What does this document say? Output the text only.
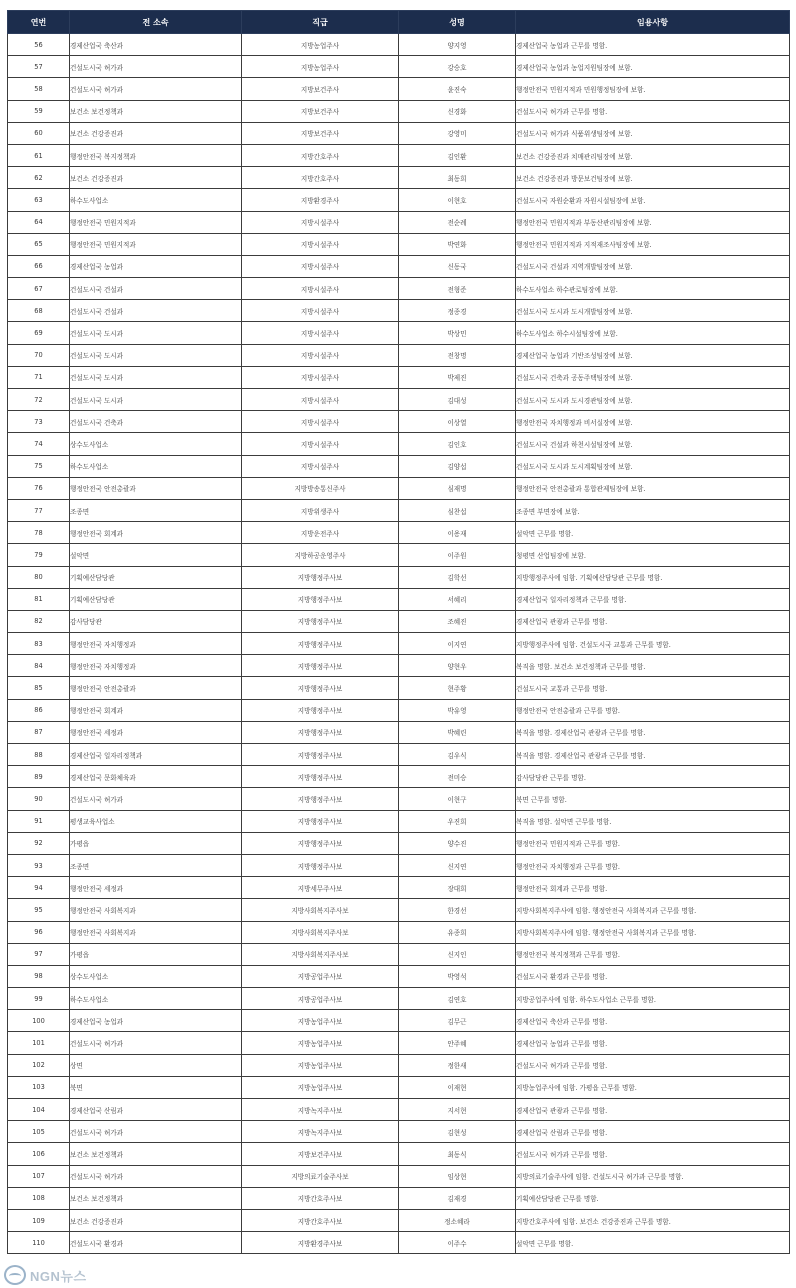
연번	전 소속	직급	성명	임용사항
56	경제산업국 축산과	지방농업주사	양지영	경제산업국 농업과 근무를 명함.
57	건설도시국 허가과	지방농업주사	강승호	경제산업국 농업과 농업지원팀장에 보함.
58	건설도시국 허가과	지방보건주사	윤진숙	행정안전국 민원지적과 민원행정팀장에 보함.
59	보건소 보건정책과	지방보건주사	신경화	건설도시국 허가과 근무를 명함.
60	보건소 건강증진과	지방보건주사	강영미	건설도시국 허가과 식품위생팀장에 보함.
61	행정안전국 복지정책과	지방간호주사	김인환	보건소 건강증진과 치매관리팀장에 보함.
62	보건소 건강증진과	지방간호주사	최동희	보건소 건강증진과 방문보건팀장에 보함.
63	하수도사업소	지방환경주사	이현호	건설도시국 자원순환과 자원시설팀장에 보함.
64	행정안전국 민원지적과	지방시설주사	전순례	행정안전국 민원지적과 부동산관리팀장에 보함.
65	행정안전국 민원지적과	지방시설주사	박연화	행정안전국 민원지적과 지적재조사팀장에 보함.
66	경제산업국 농업과	지방시설주사	신동국	건설도시국 건설과 지역개발팀장에 보함.
67	건설도시국 건설과	지방시설주사	전형준	하수도사업소 하수관로팀장에 보함.
68	건설도시국 건설과	지방시설주사	정종경	건설도시국 도시과 도시개발팀장에 보함.
69	건설도시국 도시과	지방시설주사	박상민	하수도사업소 하수시설팀장에 보함.
70	건설도시국 도시과	지방시설주사	전창명	경제산업국 농업과 기반조성팀장에 보함.
71	건설도시국 도시과	지방시설주사	박제진	건설도시국 건축과 공동주택팀장에 보함.
72	건설도시국 도시과	지방시설주사	김대성	건설도시국 도시과 도시경관팀장에 보함.
73	건설도시국 건축과	지방시설주사	이상열	행정안전국 자치행정과 비서실장에 보함.
74	상수도사업소	지방시설주사	김인호	건설도시국 건설과 하천시설팀장에 보함.
75	하수도사업소	지방시설주사	김양섭	건설도시국 도시과 도시계획팀장에 보함.
76	행정안전국 안전총괄과	지방방송통신주사	심재명	행정안전국 안전총괄과 통합관제팀장에 보함.
77	조종면	지방위생주사	심찬섭	조종면 부면장에 보함.
78	행정안전국 회계과	지방운전주사	이용재	설악면 근무를 명함.
79	설악면	지방하공운영주사	이주원	청평면 산업팀장에 보함.
80	기획예산담당관	지방행정주사보	김학선	지방행정주사에 임함. 기획예산담당관 근무를 명함.
81	기획예산담당관	지방행정주사보	서혜리	경제산업국 일자리정책과 근무를 명함.
82	감사담당관	지방행정주사보	조혜진	경제산업국 관광과 근무를 명함.
83	행정안전국 자치행정과	지방행정주사보	이지연	지방행정주사에 임함. 건설도시국 교통과 근무를 명함.
84	행정안전국 자치행정과	지방행정주사보	양현우	복직을 명함. 보건소 보건정책과 근무를 명함.
85	행정안전국 안전총괄과	지방행정주사보	현주황	건설도시국 교통과 근무를 명함.
86	행정안전국 회계과	지방행정주사보	박유영	행정안전국 안전총괄과 근무를 명함.
87	행정안전국 세정과	지방행정주사보	박혜린	복직을 명함. 경제산업국 관광과 근무를 명함.
88	경제산업국 일자리정책과	지방행정주사보	김우식	복직을 명함. 경제산업국 관광과 근무를 명함.
89	경제산업국 문화체육과	지방행정주사보	전미승	감사담당관 근무를 명함.
90	건설도시국 허가과	지방행정주사보	이현구	북면 근무를 명함.
91	평생교육사업소	지방행정주사보	우진희	복직을 명함. 설악면 근무를 명함.
92	가평읍	지방행정주사보	양수진	행정안전국 민원지적과 근무를 명함.
93	조종면	지방행정주사보	신지연	행정안전국 자치행정과 근무를 명함.
94	행정안전국 세정과	지방세무주사보	장대희	행정안전국 회계과 근무를 명함.
95	행정안전국 사회복지과	지방사회복지주사보	한경선	지방사회복지주사에 임함. 행정안전국 사회복지과 근무를 명함.
96	행정안전국 사회복지과	지방사회복지주사보	유종희	지방사회복지주사에 임함. 행정안전국 사회복지과 근무를 명함.
97	가평읍	지방사회복지주사보	신지인	행정안전국 복지정책과 근무를 명함.
98	상수도사업소	지방공업주사보	박영석	건설도시국 환경과 근무를 명함.
99	하수도사업소	지방공업주사보	김연호	지방공업주사에 임함. 하수도사업소 근무를 명함.
100	경제산업국 농업과	지방농업주사보	김무근	경제산업국 축산과 근무를 명함.
101	건설도시국 허가과	지방농업주사보	안주혜	경제산업국 농업과 근무를 명함.
102	상면	지방농업주사보	정한새	건설도시국 허가과 근무를 명함.
103	북면	지방농업주사보	이재현	지방농업주사에 임함. 가평읍 근무를 명함.
104	경제산업국 산림과	지방녹지주사보	지서현	경제산업국 관광과 근무를 명함.
105	건설도시국 허가과	지방녹지주사보	김현성	경제산업국 산림과 근무를 명함.
106	보건소 보건정책과	지방보건주사보	최동식	건설도시국 허가과 근무를 명함.
107	건설도시국 허가과	지방의료기술주사보	임상현	지방의료기술주사에 임함. 건설도시국 허가과 근무를 명함.
108	보건소 보건정책과	지방간호주사보	김재경	기획예산담당관 근무를 명함.
109	보건소 건강증진과	지방간호주사보	정소혜라	지방간호주사에 임함. 보건소 건강증진과 근무를 명함.
110	건설도시국 환경과	지방환경주사보	이주수	설악면 근무를 명함.
NGN뉴스
